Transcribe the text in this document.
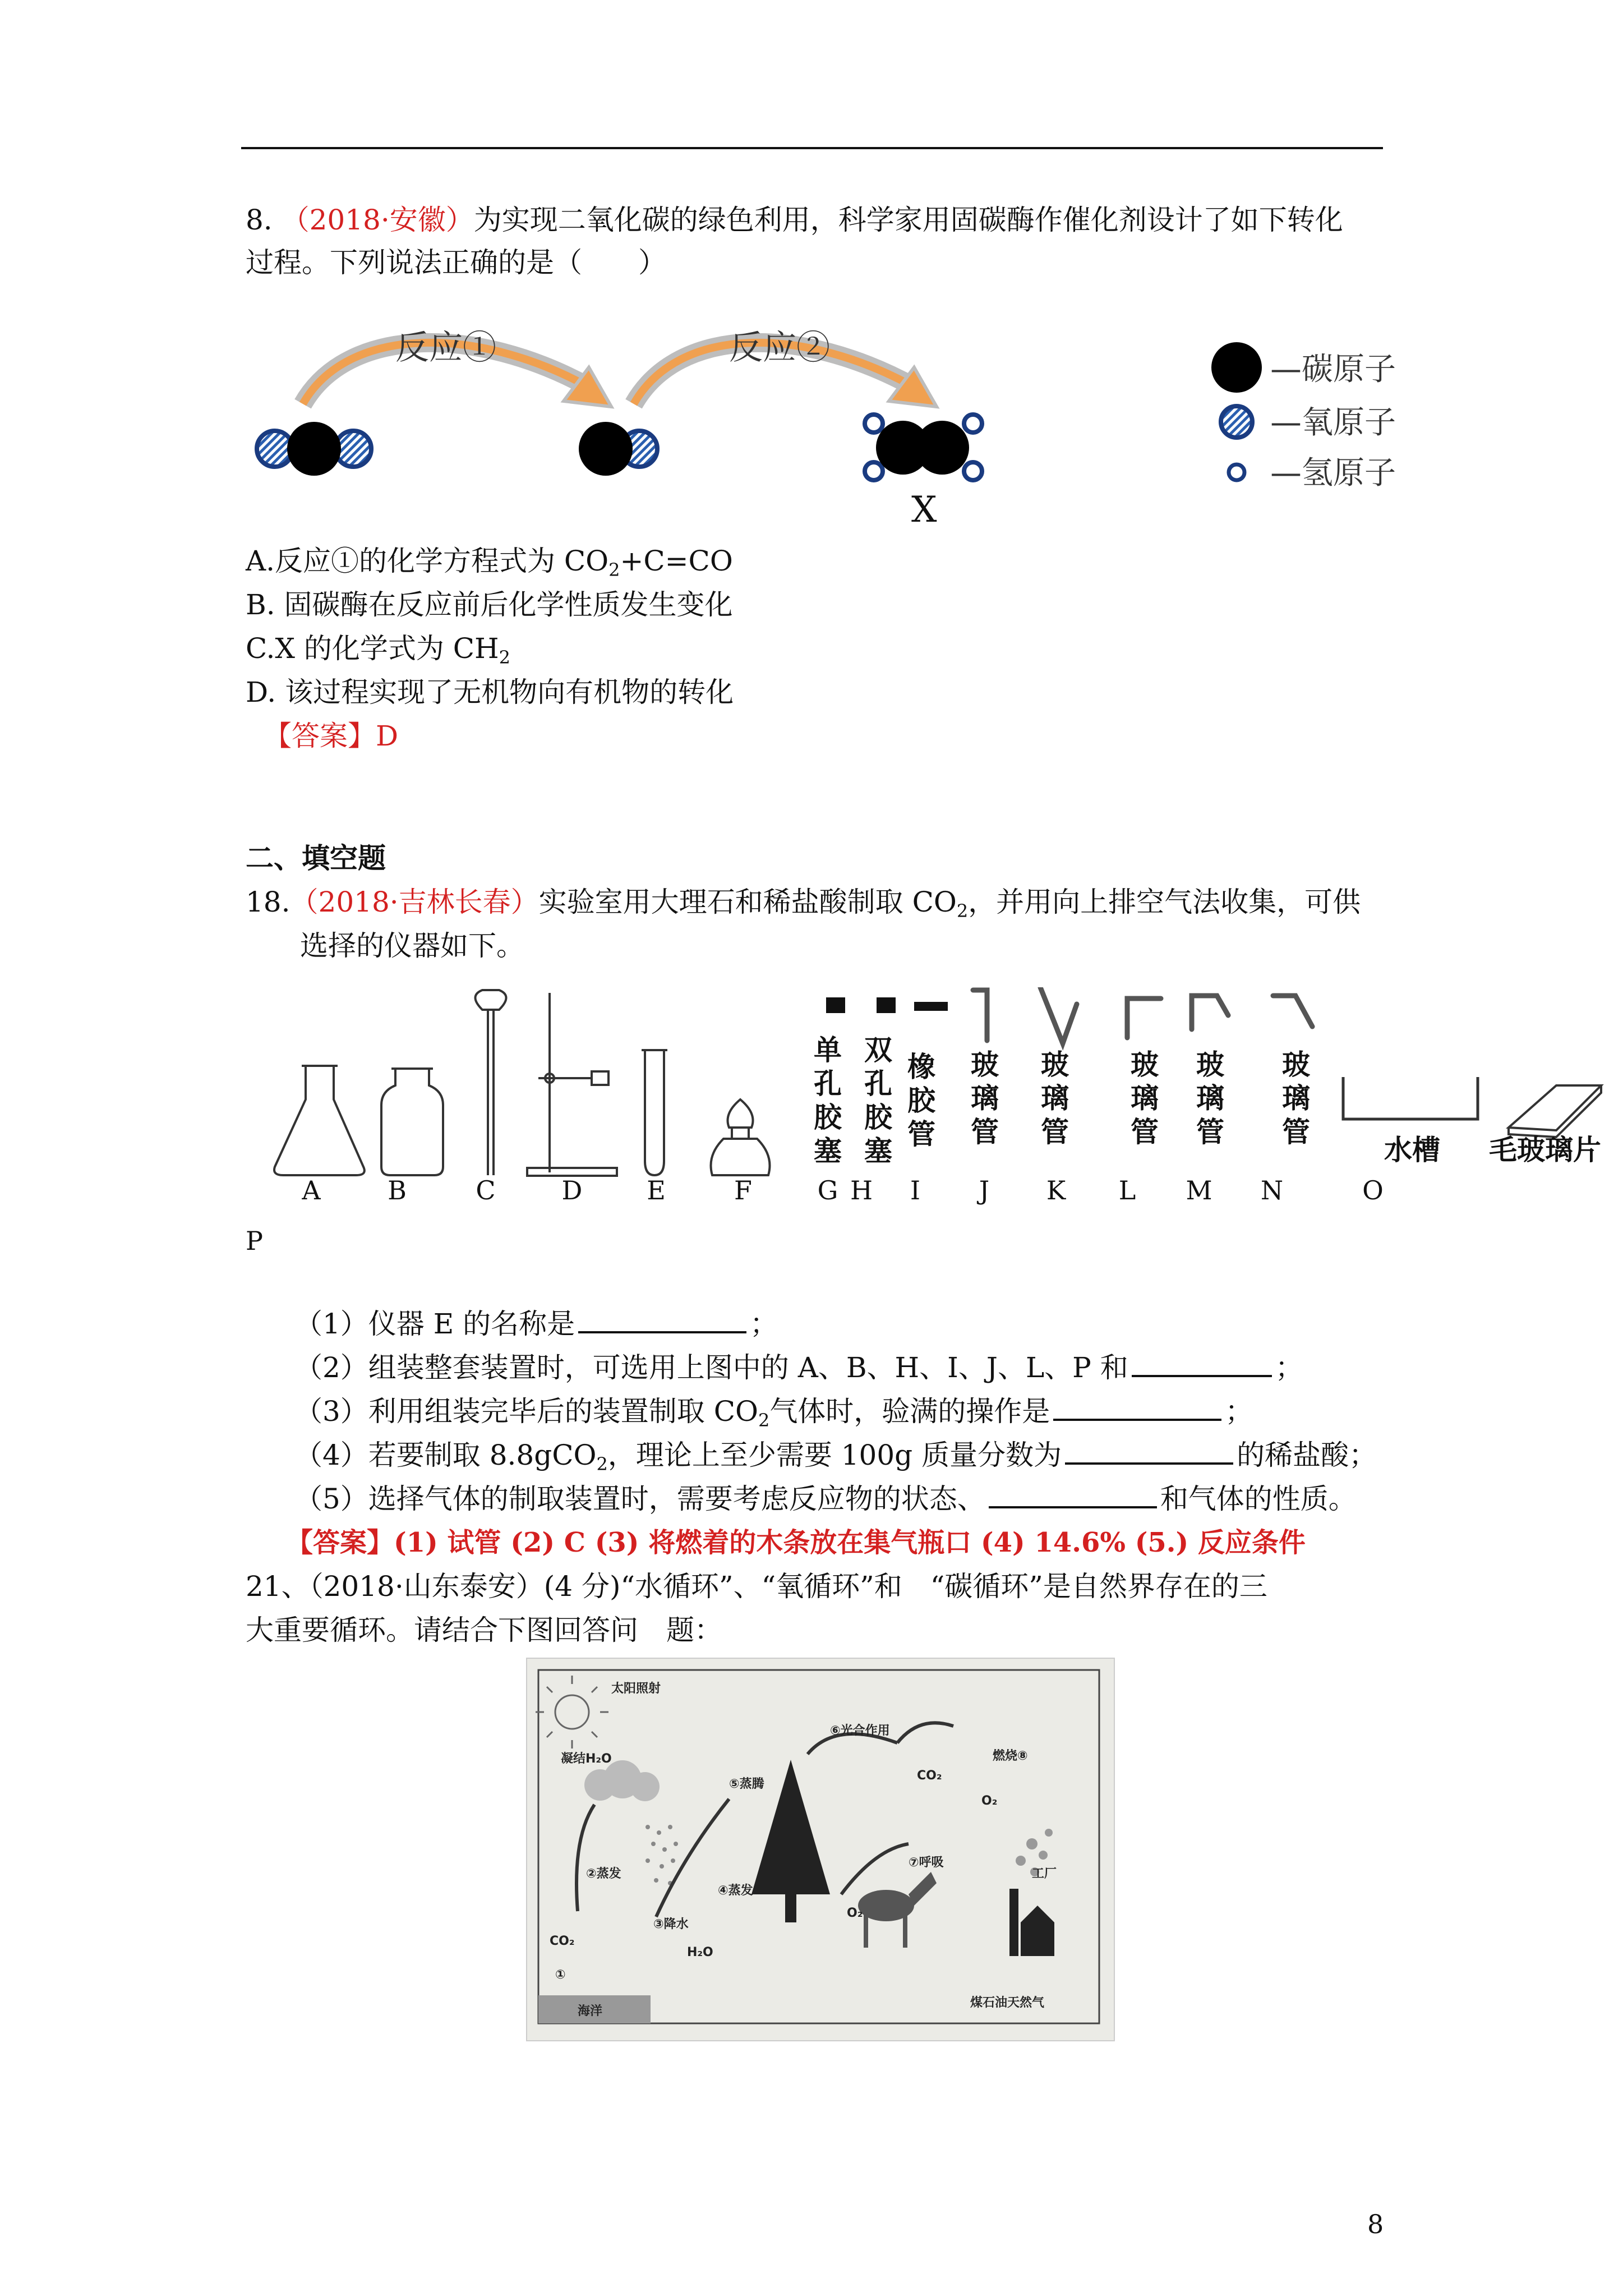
8. （2018·安徽）为实现二氧化碳的绿色利用，科学家用固碳酶作催化剂设计了如下转化
过程。下列说法正确的是（　　）
反应①	反应②
X
—碳原子
—氧原子
—氢原子
A.反应①的化学方程式为 $CO_2+C=CO$
B. 固碳酶在反应前后化学性质发生变化
C.X 的化学式为 $CH_2$
D. 该过程实现了无机物向有机物的转化
【答案】D
二、填空题
18.（2018·吉林长春）实验室用大理石和稀盐酸制取 $CO_2$，并用向上排空气法收集，可供
选择的仪器如下。
单孔胶塞
双孔胶塞
橡胶管
玻璃管
玻璃管
玻璃管
玻璃管
玻璃管
水槽 毛玻璃片
A	B	C	D	E	F	G H	I	J	K	L	M	N	O
P
（1）仪器 E 的名称是	；
（2）组装整套装置时，可选用上图中的 A、B、H、I、J、L、P 和	；
（3）利用组装完毕后的装置制取 $CO_2$气体时，验满的操作是	；
（4）若要制取 8.8gCO$_2$，理论上至少需要 100g 质量分数为	的稀盐酸；
（5）选择气体的制取装置时，需要考虑反应物的状态、	和气体的性质。
【答案】(1) 试管 (2) C (3) 将燃着的木条放在集气瓶口 (4) 14.6% (5.) 反应条件
21、（2018·山东泰安）(4 分)“水循环”、“氧循环”和　“碳循环”是自然界存在的三
大重要循环。请结合下图回答问　题：
太阳照射
凝结H₂O
⑤蒸腾
⑥光合作用
CO₂
燃烧⑧
②蒸发
③降水
H₂O
④蒸发
⑦呼吸
O₂
O₂
工厂
CO₂
①
海洋
煤石油天然气
8
